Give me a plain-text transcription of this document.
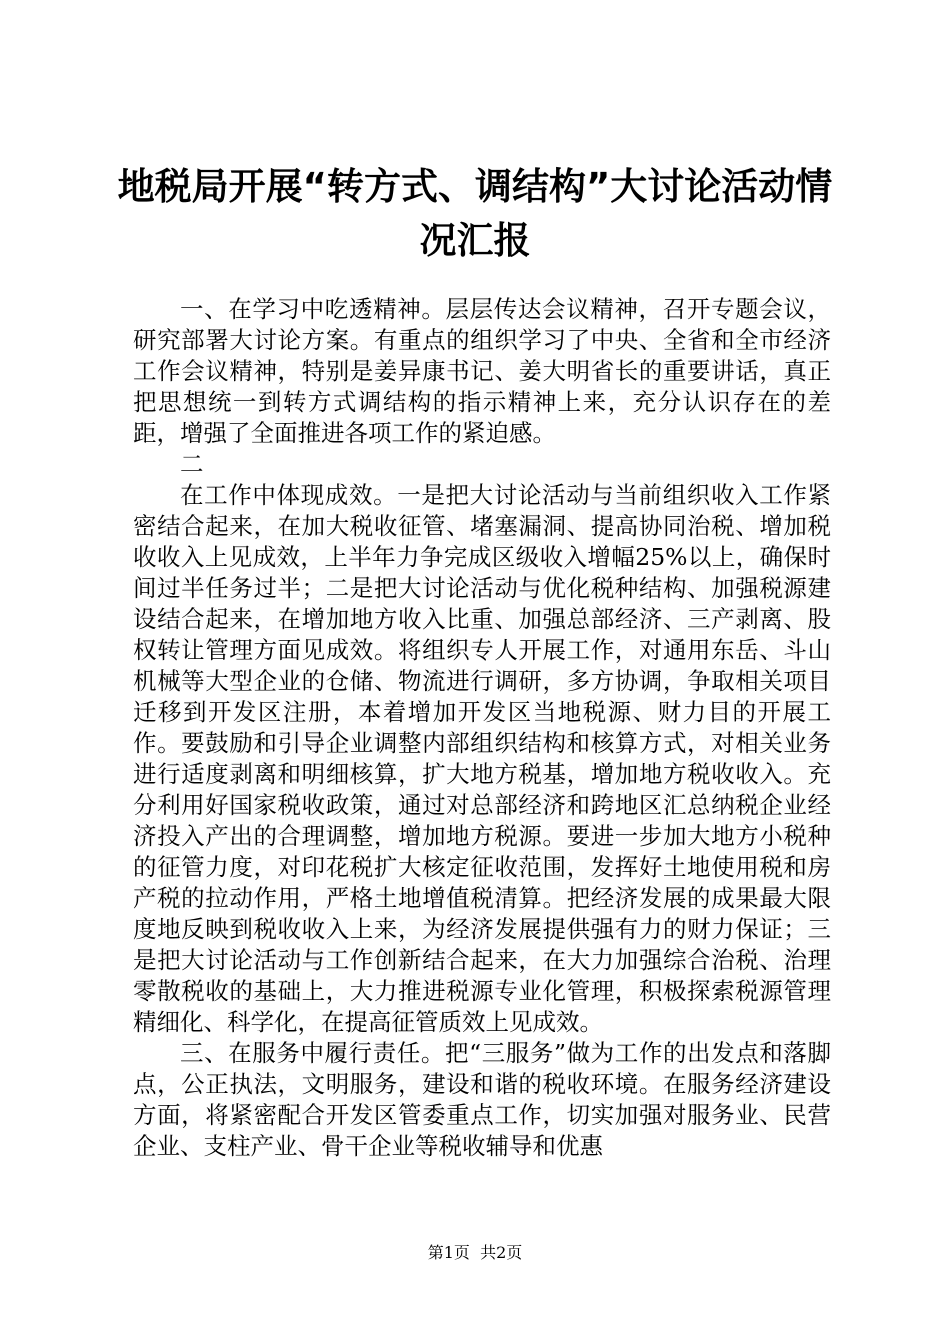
地税局开展“转方式、调结构”大讨论活动情
况汇报

一、在学习中吃透精神。层层传达会议精神，召开专题会议，研究部署大讨论方案。有重点的组织学习了中央、全省和全市经济工作会议精神，特别是姜异康书记、姜大明省长的重要讲话，真正把思想统一到转方式调结构的指示精神上来，充分认识存在的差距，增强了全面推进各项工作的紧迫感。

二

在工作中体现成效。一是把大讨论活动与当前组织收入工作紧密结合起来，在加大税收征管、堵塞漏洞、提高协同治税、增加税收收入上见成效，上半年力争完成区级收入增幅25%以上，确保时间过半任务过半；二是把大讨论活动与优化税种结构、加强税源建设结合起来，在增加地方收入比重、加强总部经济、三产剥离、股权转让管理方面见成效。将组织专人开展工作，对通用东岳、斗山机械等大型企业的仓储、物流进行调研，多方协调，争取相关项目迁移到开发区注册，本着增加开发区当地税源、财力目的开展工作。要鼓励和引导企业调整内部组织结构和核算方式，对相关业务进行适度剥离和明细核算，扩大地方税基，增加地方税收收入。充分利用好国家税收政策，通过对总部经济和跨地区汇总纳税企业经济投入产出的合理调整，增加地方税源。要进一步加大地方小税种的征管力度，对印花税扩大核定征收范围，发挥好土地使用税和房产税的拉动作用，严格土地增值税清算。把经济发展的成果最大限度地反映到税收收入上来，为经济发展提供强有力的财力保证；三是把大讨论活动与工作创新结合起来，在大力加强综合治税、治理零散税收的基础上，大力推进税源专业化管理，积极探索税源管理精细化、科学化，在提高征管质效上见成效。

三、在服务中履行责任。把“三服务”做为工作的出发点和落脚点，公正执法，文明服务，建设和谐的税收环境。在服务经济建设方面，将紧密配合开发区管委重点工作，切实加强对服务业、民营企业、支柱产业、骨干企业等税收辅导和优惠

第1页 共2页
